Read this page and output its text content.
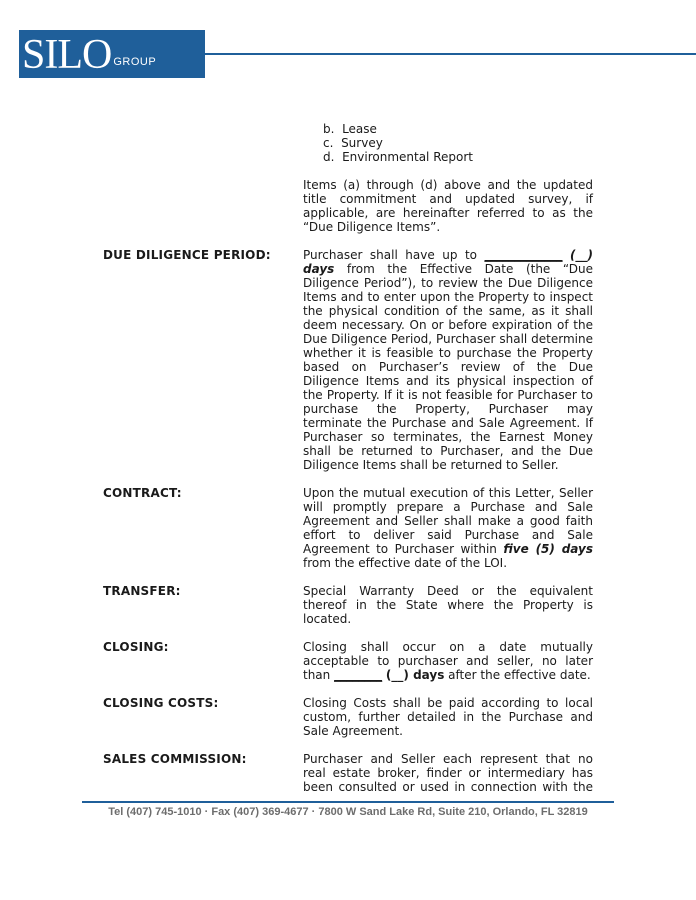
SILO GROUP
b. Lease
c. Survey
d. Environmental Report

Items (a) through (d) above and the updated title commitment and updated survey, if applicable, are hereinafter referred to as the “Due Diligence Items”.

DUE DILIGENCE PERIOD:	Purchaser shall have up to _____________ (__) days from the Effective Date (the “Due Diligence Period”), to review the Due Diligence Items and to enter upon the Property to inspect the physical condition of the same, as it shall deem necessary. On or before expiration of the Due Diligence Period, Purchaser shall determine whether it is feasible to purchase the Property based on Purchaser’s review of the Due Diligence Items and its physical inspection of the Property. If it is not feasible for Purchaser to purchase the Property, Purchaser may terminate the Purchase and Sale Agreement. If Purchaser so terminates, the Earnest Money shall be returned to Purchaser, and the Due Diligence Items shall be returned to Seller.

CONTRACT:	Upon the mutual execution of this Letter, Seller will promptly prepare a Purchase and Sale Agreement and Seller shall make a good faith effort to deliver said Purchase and Sale Agreement to Purchaser within five (5) days from the effective date of the LOI.

TRANSFER:	Special Warranty Deed or the equivalent thereof in the State where the Property is located.

CLOSING:	Closing shall occur on a date mutually acceptable to purchaser and seller, no later than ________ (__) days after the effective date.

CLOSING COSTS:	Closing Costs shall be paid according to local custom, further detailed in the Purchase and Sale Agreement.

SALES COMMISSION:	Purchaser and Seller each represent that no real estate broker, finder or intermediary has been consulted or used in connection with the

Tel (407) 745-1010 · Fax (407) 369-4677 · 7800 W Sand Lake Rd, Suite 210, Orlando, FL 32819
